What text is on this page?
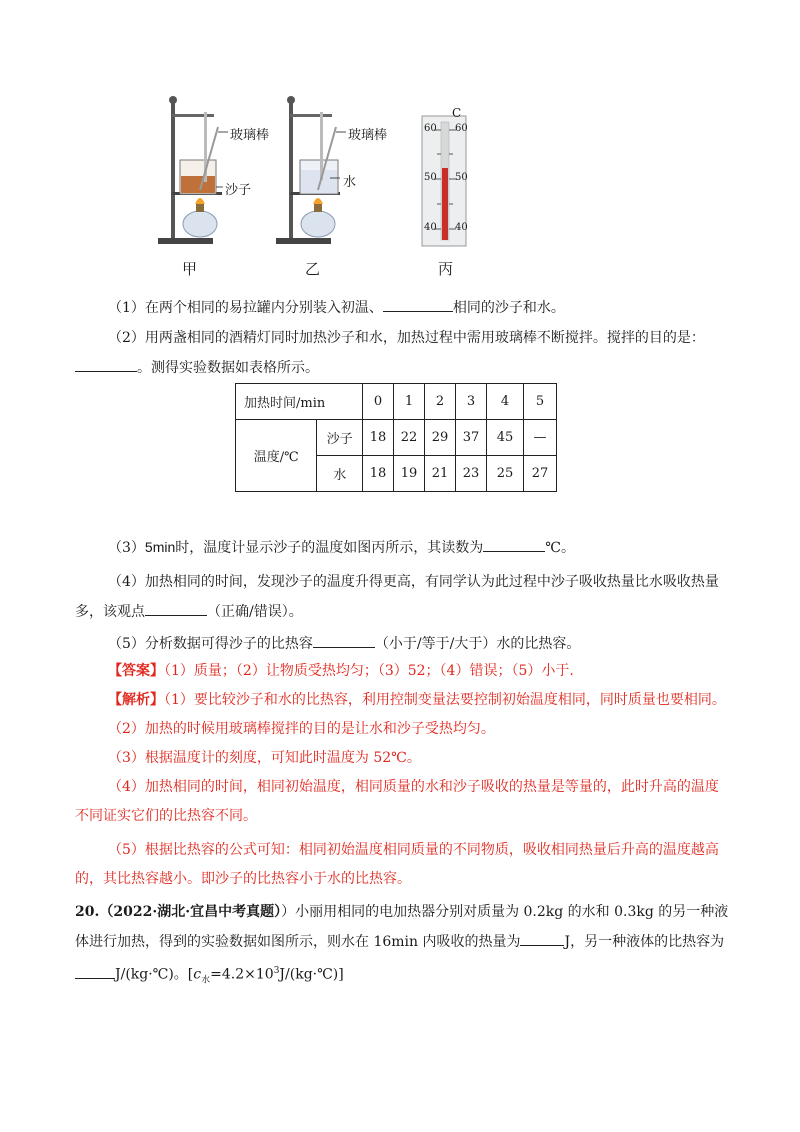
玻璃棒
沙子
玻璃棒
水
C
60 60
50 50
40 40
甲	乙	丙
（1）在两个相同的易拉罐内分别装入初温、	相同的沙子和水。
（2）用两盏相同的酒精灯同时加热沙子和水，加热过程中需用玻璃棒不断搅拌。搅拌的目的是：
。测得实验数据如表格所示。
加热时间/min		0	1	2	3	4	5
温度/℃	沙子	18	22	29	37	45	—
	水	18	19	21	23	25	27
（3）5min时，温度计显示沙子的温度如图丙所示，其读数为	℃。
（4）加热相同的时间，发现沙子的温度升得更高，有同学认为此过程中沙子吸收热量比水吸收热量
多，该观点	（正确/错误）。
（5）分析数据可得沙子的比热容	（小于/等于/大于）水的比热容。
【答案】（1）质量；（2）让物质受热均匀；（3）52；（4）错误；（5）小于.
【解析】（1）要比较沙子和水的比热容，利用控制变量法要控制初始温度相同，同时质量也要相同。
（2）加热的时候用玻璃棒搅拌的目的是让水和沙子受热均匀。
（3）根据温度计的刻度，可知此时温度为 52℃。
（4）加热相同的时间，相同初始温度，相同质量的水和沙子吸收的热量是等量的，此时升高的温度
不同证实它们的比热容不同。
（5）根据比热容的公式可知：相同初始温度相同质量的不同物质，吸收相同热量后升高的温度越高
的，其比热容越小。即沙子的比热容小于水的比热容。
20.（2022·湖北·宜昌中考真题））小丽用相同的电加热器分别对质量为 0.2kg 的水和 0.3kg 的另一种液
体进行加热，得到的实验数据如图所示，则水在 16min 内吸收的热量为	J，另一种液体的比热容为
J/(kg·℃)。$[c_水=4.2\times 10^3J/(kg\cdot℃)]$
